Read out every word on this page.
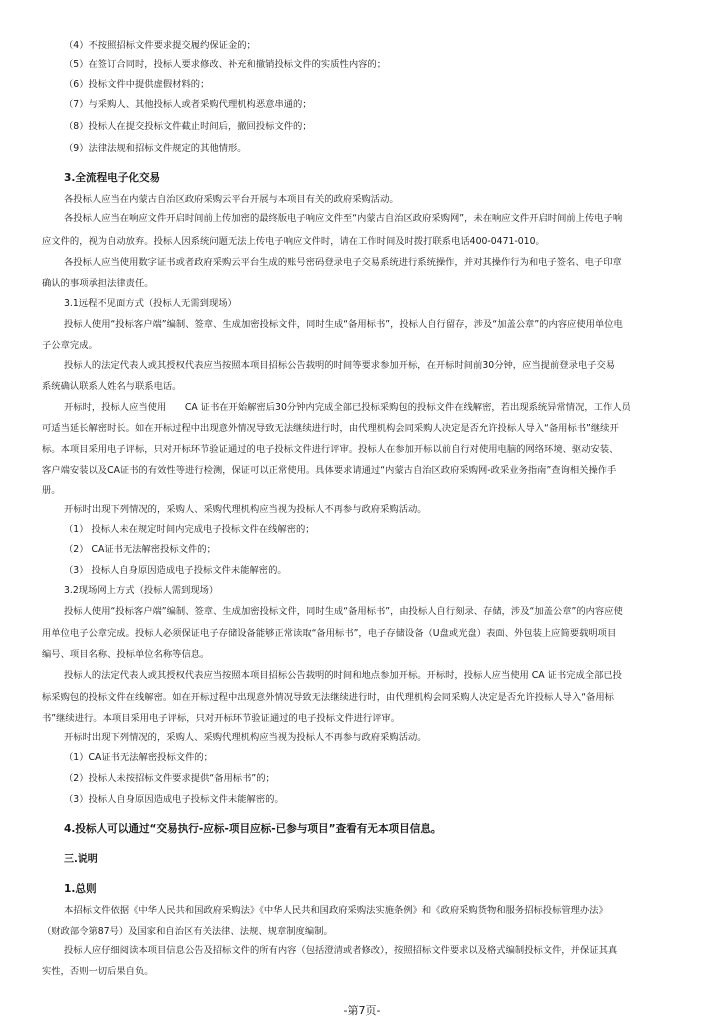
（4）不按照招标文件要求提交履约保证金的；
（5）在签订合同时，投标人要求修改、补充和撤销投标文件的实质性内容的；
（6）投标文件中提供虚假材料的；
（7）与采购人、其他投标人或者采购代理机构恶意串通的；
（8）投标人在提交投标文件截止时间后，撤回投标文件的；
（9）法律法规和招标文件规定的其他情形。
3.全流程电子化交易
各投标人应当在内蒙古自治区政府采购云平台开展与本项目有关的政府采购活动。
各投标人应当在响应文件开启时间前上传加密的最终版电子响应文件至“内蒙古自治区政府采购网”，未在响应文件开启时间前上传电子响
应文件的，视为自动放弃。投标人因系统问题无法上传电子响应文件时，请在工作时间及时拨打联系电话400-0471-010。
各投标人应当使用数字证书或者政府采购云平台生成的账号密码登录电子交易系统进行系统操作，并对其操作行为和电子签名、电子印章
确认的事项承担法律责任。
3.1远程不见面方式（投标人无需到现场）
投标人使用“投标客户端”编制、签章、生成加密投标文件，同时生成“备用标书”，投标人自行留存，涉及“加盖公章”的内容应使用单位电
子公章完成。
投标人的法定代表人或其授权代表应当按照本项目招标公告载明的时间等要求参加开标，在开标时间前30分钟，应当提前登录电子交易
系统确认联系人姓名与联系电话。
开标时，投标人应当使用　　CA 证书在开始解密后30分钟内完成全部已投标采购包的投标文件在线解密，若出现系统异常情况，工作人员
可适当延长解密时长。如在开标过程中出现意外情况导致无法继续进行时，由代理机构会同采购人决定是否允许投标人导入“备用标书”继续开
标。本项目采用电子评标，只对开标环节验证通过的电子投标文件进行评审。投标人在参加开标以前自行对使用电脑的网络环境、驱动安装、
客户端安装以及CA证书的有效性等进行检测，保证可以正常使用。具体要求请通过“内蒙古自治区政府采购网-政采业务指南”查询相关操作手
册。
开标时出现下列情况的，采购人、采购代理机构应当视为投标人不再参与政府采购活动。
（1） 投标人未在规定时间内完成电子投标文件在线解密的；
（2） CA证书无法解密投标文件的；
（3） 投标人自身原因造成电子投标文件未能解密的。
3.2现场网上方式（投标人需到现场）
投标人使用“投标客户端”编制、签章、生成加密投标文件，同时生成“备用标书”，由投标人自行刻录、存储，涉及“加盖公章”的内容应使
用单位电子公章完成。投标人必须保证电子存储设备能够正常读取“备用标书”，电子存储设备（U盘或光盘）表面、外包装上应简要载明项目
编号、项目名称、投标单位名称等信息。
投标人的法定代表人或其授权代表应当按照本项目招标公告载明的时间和地点参加开标。开标时，投标人应当使用 CA 证书完成全部已投
标采购包的投标文件在线解密。如在开标过程中出现意外情况导致无法继续进行时，由代理机构会同采购人决定是否允许投标人导入“备用标
书”继续进行。本项目采用电子评标，只对开标环节验证通过的电子投标文件进行评审。
开标时出现下列情况的，采购人、采购代理机构应当视为投标人不再参与政府采购活动。
（1）CA证书无法解密投标文件的；
（2）投标人未按招标文件要求提供“备用标书”的；
（3）投标人自身原因造成电子投标文件未能解密的。
4.投标人可以通过“交易执行-应标-项目应标-已参与项目”查看有无本项目信息。
三.说明
1.总则
本招标文件依据《中华人民共和国政府采购法》《中华人民共和国政府采购法实施条例》和《政府采购货物和服务招标投标管理办法》
（财政部令第87号）及国家和自治区有关法律、法规、规章制度编制。
投标人应仔细阅读本项目信息公告及招标文件的所有内容（包括澄清或者修改），按照招标文件要求以及格式编制投标文件，并保证其真
实性，否则一切后果自负。
-第7页-
